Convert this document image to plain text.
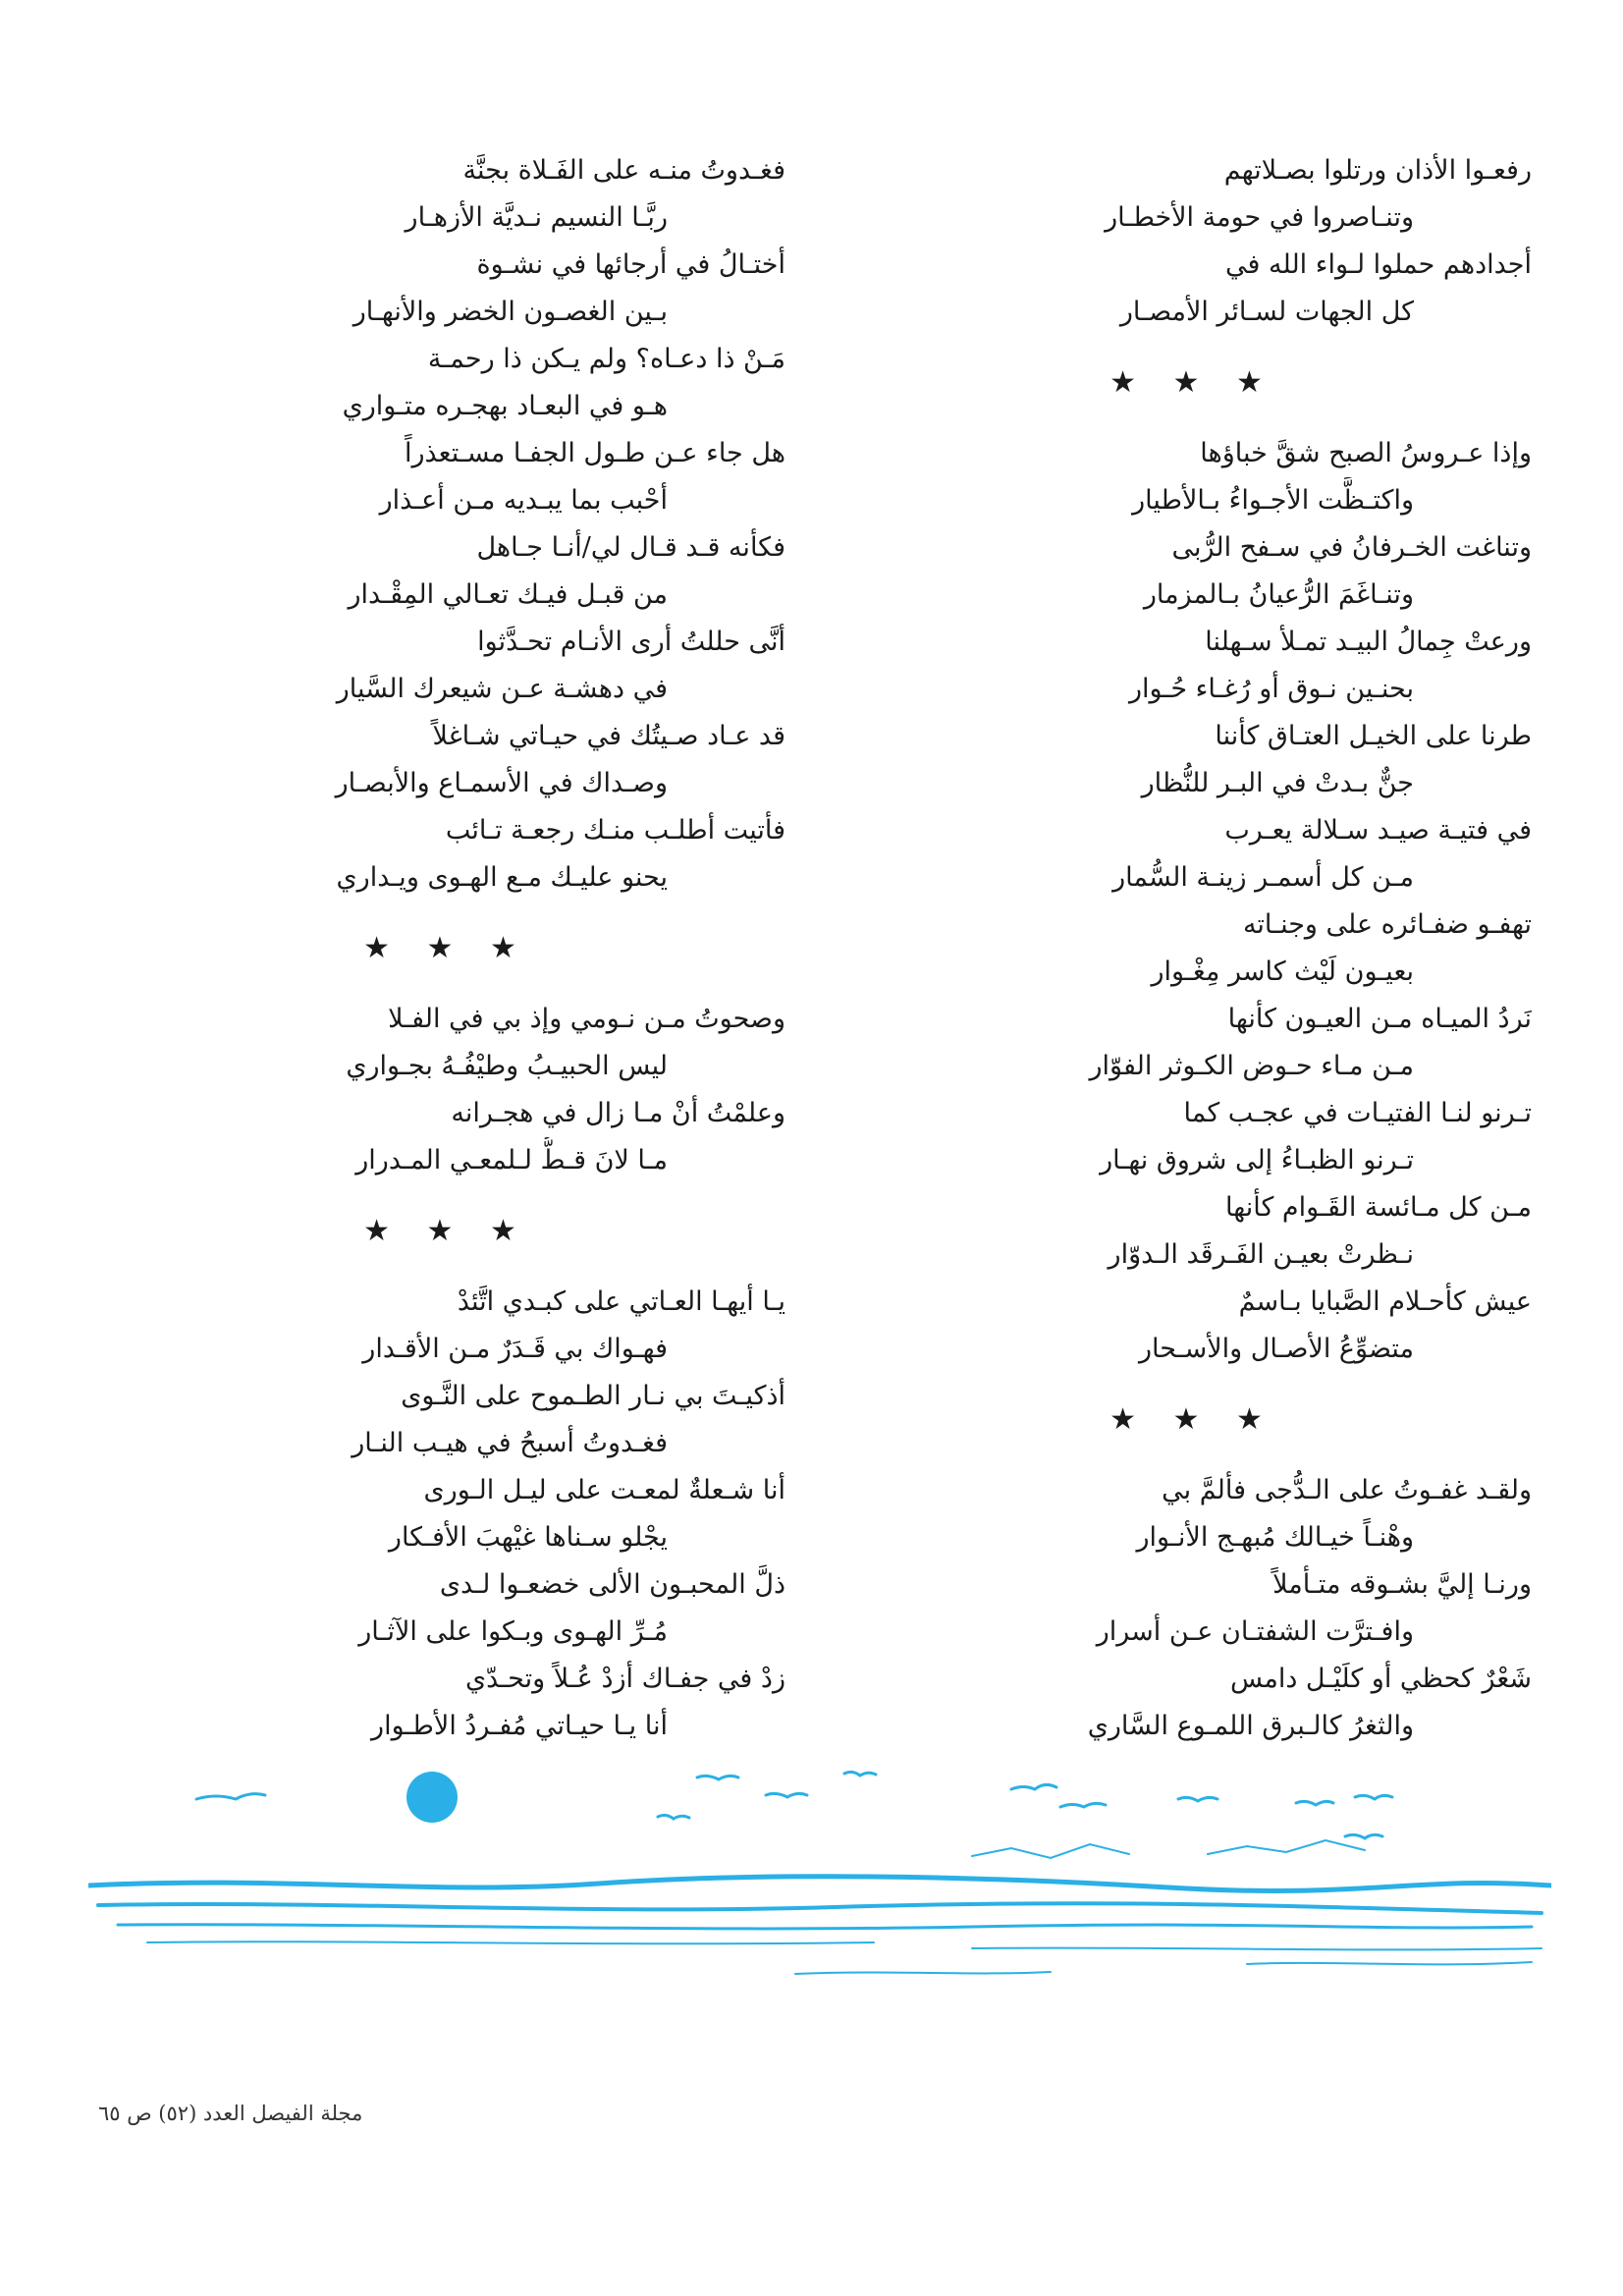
رفعـوا الأذان ورتلوا بصـلاتهم
وتنـاصروا في حومة الأخطـار
أجدادهم حملوا لـواء الله في
كل الجهات لسـائر الأمصـار
★ ★ ★
وإذا عـروسُ الصبح شقَّ خباؤها
واكتـظَّت الأجـواءُ بـالأطيار
وتناغت الخـرفانُ في سـفح الرُّبى
وتنـاغَمَ الرُّعيانُ بـالمزمار
ورعتْ جِمالُ البيـد تمـلأ سـهلنا
بحنـين نـوق أو رُغـاء حُـوار
طرنا على الخيـل العتـاق كأننا
جنٌّ بـدتْ في البـر للنُّظار
في فتيـة صيـد سـلالة يعـرب
مـن كل أسمـر زينـة السُّمار
تهفـو ضفـائره على وجنـاته
بعيـون لَيْث كاسر مِغْـوار
نَردُ الميـاه مـن العيـون كأنها
مـن مـاء حـوض الكـوثر الفوّار
تـرنو لنـا الفتيـات في عجـب كما
تـرنو الظبـاءُ إلى شروق نهـار
مـن كل مـائسة القَـوام كأنها
نـظرتْ بعيـن الفَـرقَد الـدوّار
عيش كأحـلام الصَّبايا بـاسمٌ
متضوِّعُ الأصـال والأسـحار
★ ★ ★
ولقـد غفـوتُ على الـدُّجى فألمَّ بي
وهْنـاً خيـالك مُبهـج الأنـوار
ورنـا إليَّ بشـوقه متـأملاً
وافـترَّت الشفتـان عـن أسرار
شَعْرٌ كحظي أو كلَيْـل دامس
والثغرُ كالـبرق اللمـوع السَّاري
فغـدوتُ منـه على الفَـلاة بجنَّة
ربَّـا النسيم نـديَّة الأزهـار
أختـالُ في أرجائها في نشـوة
بـين الغصـون الخضر والأنهـار
مَـنْ ذا دعـاه؟ ولم يـكن ذا رحمـة
هـو في البعـاد بهجـره متـواري
هل جاء عـن طـول الجفـا مسـتعذراً
أحْبب بما يبـديه مـن أعـذار
فكأنه قـد قـال لي/أنـا جـاهل
من قبـل فيـك تعـالي المِقْـدار
أنَّى حللتُ أرى الأنـام تحـدَّثوا
في دهشـة عـن شيعرك السَّيار
قد عـاد صـيتُك في حيـاتي شـاغلاً
وصـداك في الأسمـاع والأبصـار
فأتيت أطلـب منـك رجعـة تـائب
يحنو عليـك مـع الهـوى ويـداري
★ ★ ★
وصحوتُ مـن نـومي وإذ بي في الفـلا
ليس الحبيـبُ وطيْفُـهُ بجـواري
وعلمْتُ أنْ مـا زال في هجـرانه
مـا لانَ قـطُّ لـلمعـي المـدرار
★ ★ ★
يـا أيهـا العـاتي على كبـدي اتَّئدْ
فهـواك بي قَـدَرٌ مـن الأقـدار
أذكيـتَ بي نـار الطـموح على النَّـوى
فغـدوتُ أسبحُ في هيـب النـار
أنا شـعلةٌ لمعـت على ليـل الـورى
يجْلو سـناها غيْهبَ الأفـكار
ذلَّ المحبـون الألى خضعـوا لـدى
مُـرِّ الهـوى وبـكوا على الآثـار
زدْ في جفـاك أزدْ عُـلاً وتحـدّي
أنا يـا حيـاتي مُفـردُ الأطـوار
مجلة الفيصل العدد (٥٢) ص ٦٥
